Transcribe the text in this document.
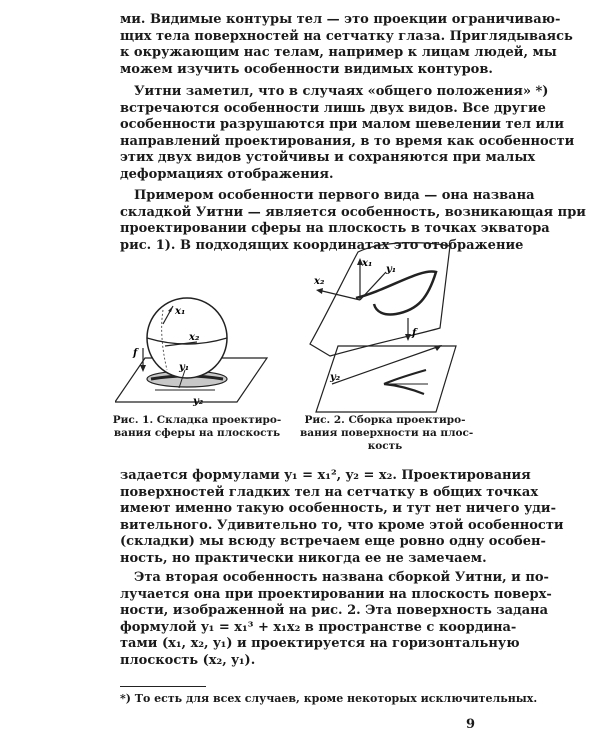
ми. Видимые контуры тел — это проекции ограничиваю-
щих тела поверхностей на сетчатку глаза. Приглядываясь
к окружающим нас телам, например к лицам людей, мы
можем изучить особенности видимых контуров.

Уитни заметил, что в случаях «общего положения» *)
встречаются особенности лишь двух видов. Все другие
особенности разрушаются при малом шевелении тел или
направлений проектирования, в то время как особенности
этих двух видов устойчивы и сохраняются при малых
деформациях отображения.

Примером особенности первого вида — она названа
складкой Уитни — является особенность, возникающая при
проектировании сферы на плоскость в точках экватора
рис. 1). В подходящих координатах это отображение

x₁
x₂
f
y₁
y₂

Рис. 1. Складка проектиро-
вания сферы на плоскость

x₁
x₂
y₁
f
y₂

Рис. 2. Сборка проектиро-
вания поверхности на плос-
кость

задается формулами y₁ = x₁², y₂ = x₂. Проектирования
поверхностей гладких тел на сетчатку в общих точках
имеют именно такую особенность, и тут нет ничего уди-
вительного. Удивительно то, что кроме этой особенности
(складки) мы всюду встречаем еще ровно одну особен-
ность, но практически никогда ее не замечаем.

Эта вторая особенность названа сборкой Уитни, и по-
лучается она при проектировании на плоскость поверх-
ности, изображенной на рис. 2. Эта поверхность задана
формулой y₁ = x₁³ + x₁x₂ в пространстве с координа-
тами (x₁, x₂, y₁) и проектируется на горизонтальную
плоскость (x₂, y₁).

*) То есть для всех случаев, кроме некоторых исключительных.

9
